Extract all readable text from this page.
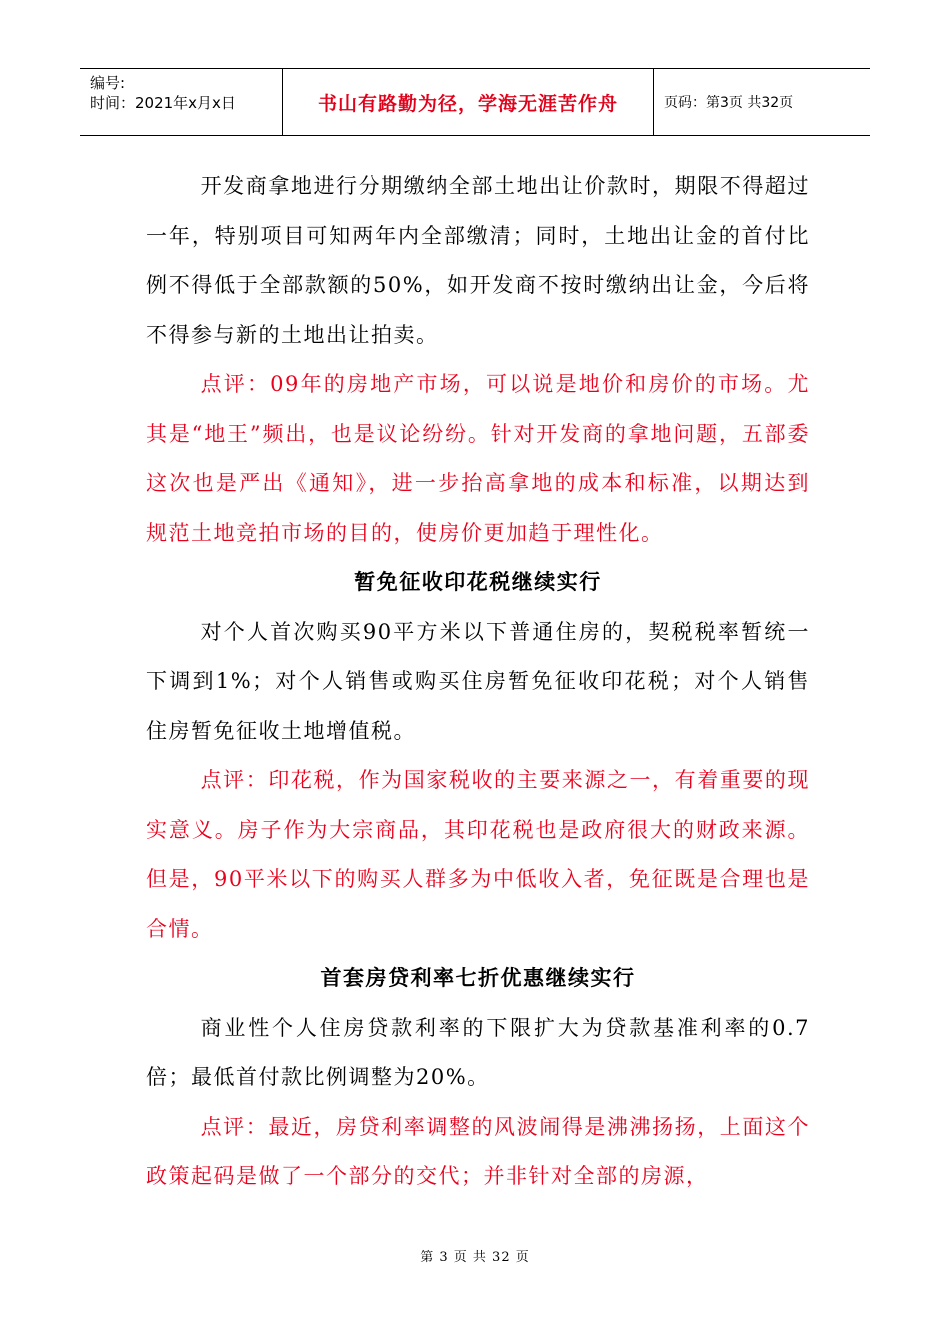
编号:
时间：2021年x月x日	书山有路勤为径，学海无涯苦作舟	页码：第3页 共32页

开发商拿地进行分期缴纳全部土地出让价款时，期限不得超过一年，特别项目可知两年内全部缴清；同时，土地出让金的首付比例不得低于全部款额的50%，如开发商不按时缴纳出让金，今后将不得参与新的土地出让拍卖。

点评：09年的房地产市场，可以说是地价和房价的市场。尤其是“地王”频出，也是议论纷纷。针对开发商的拿地问题，五部委这次也是严出《通知》，进一步抬高拿地的成本和标准，以期达到规范土地竞拍市场的目的，使房价更加趋于理性化。

暂免征收印花税继续实行

对个人首次购买90平方米以下普通住房的，契税税率暂统一下调到1%；对个人销售或购买住房暂免征收印花税；对个人销售住房暂免征收土地增值税。

点评：印花税，作为国家税收的主要来源之一，有着重要的现实意义。房子作为大宗商品，其印花税也是政府很大的财政来源。但是，90平米以下的购买人群多为中低收入者，免征既是合理也是合情。

首套房贷利率七折优惠继续实行

商业性个人住房贷款利率的下限扩大为贷款基准利率的0.7倍；最低首付款比例调整为20%。

点评：最近，房贷利率调整的风波闹得是沸沸扬扬，上面这个政策起码是做了一个部分的交代；并非针对全部的房源，

第 3 页 共 32 页
